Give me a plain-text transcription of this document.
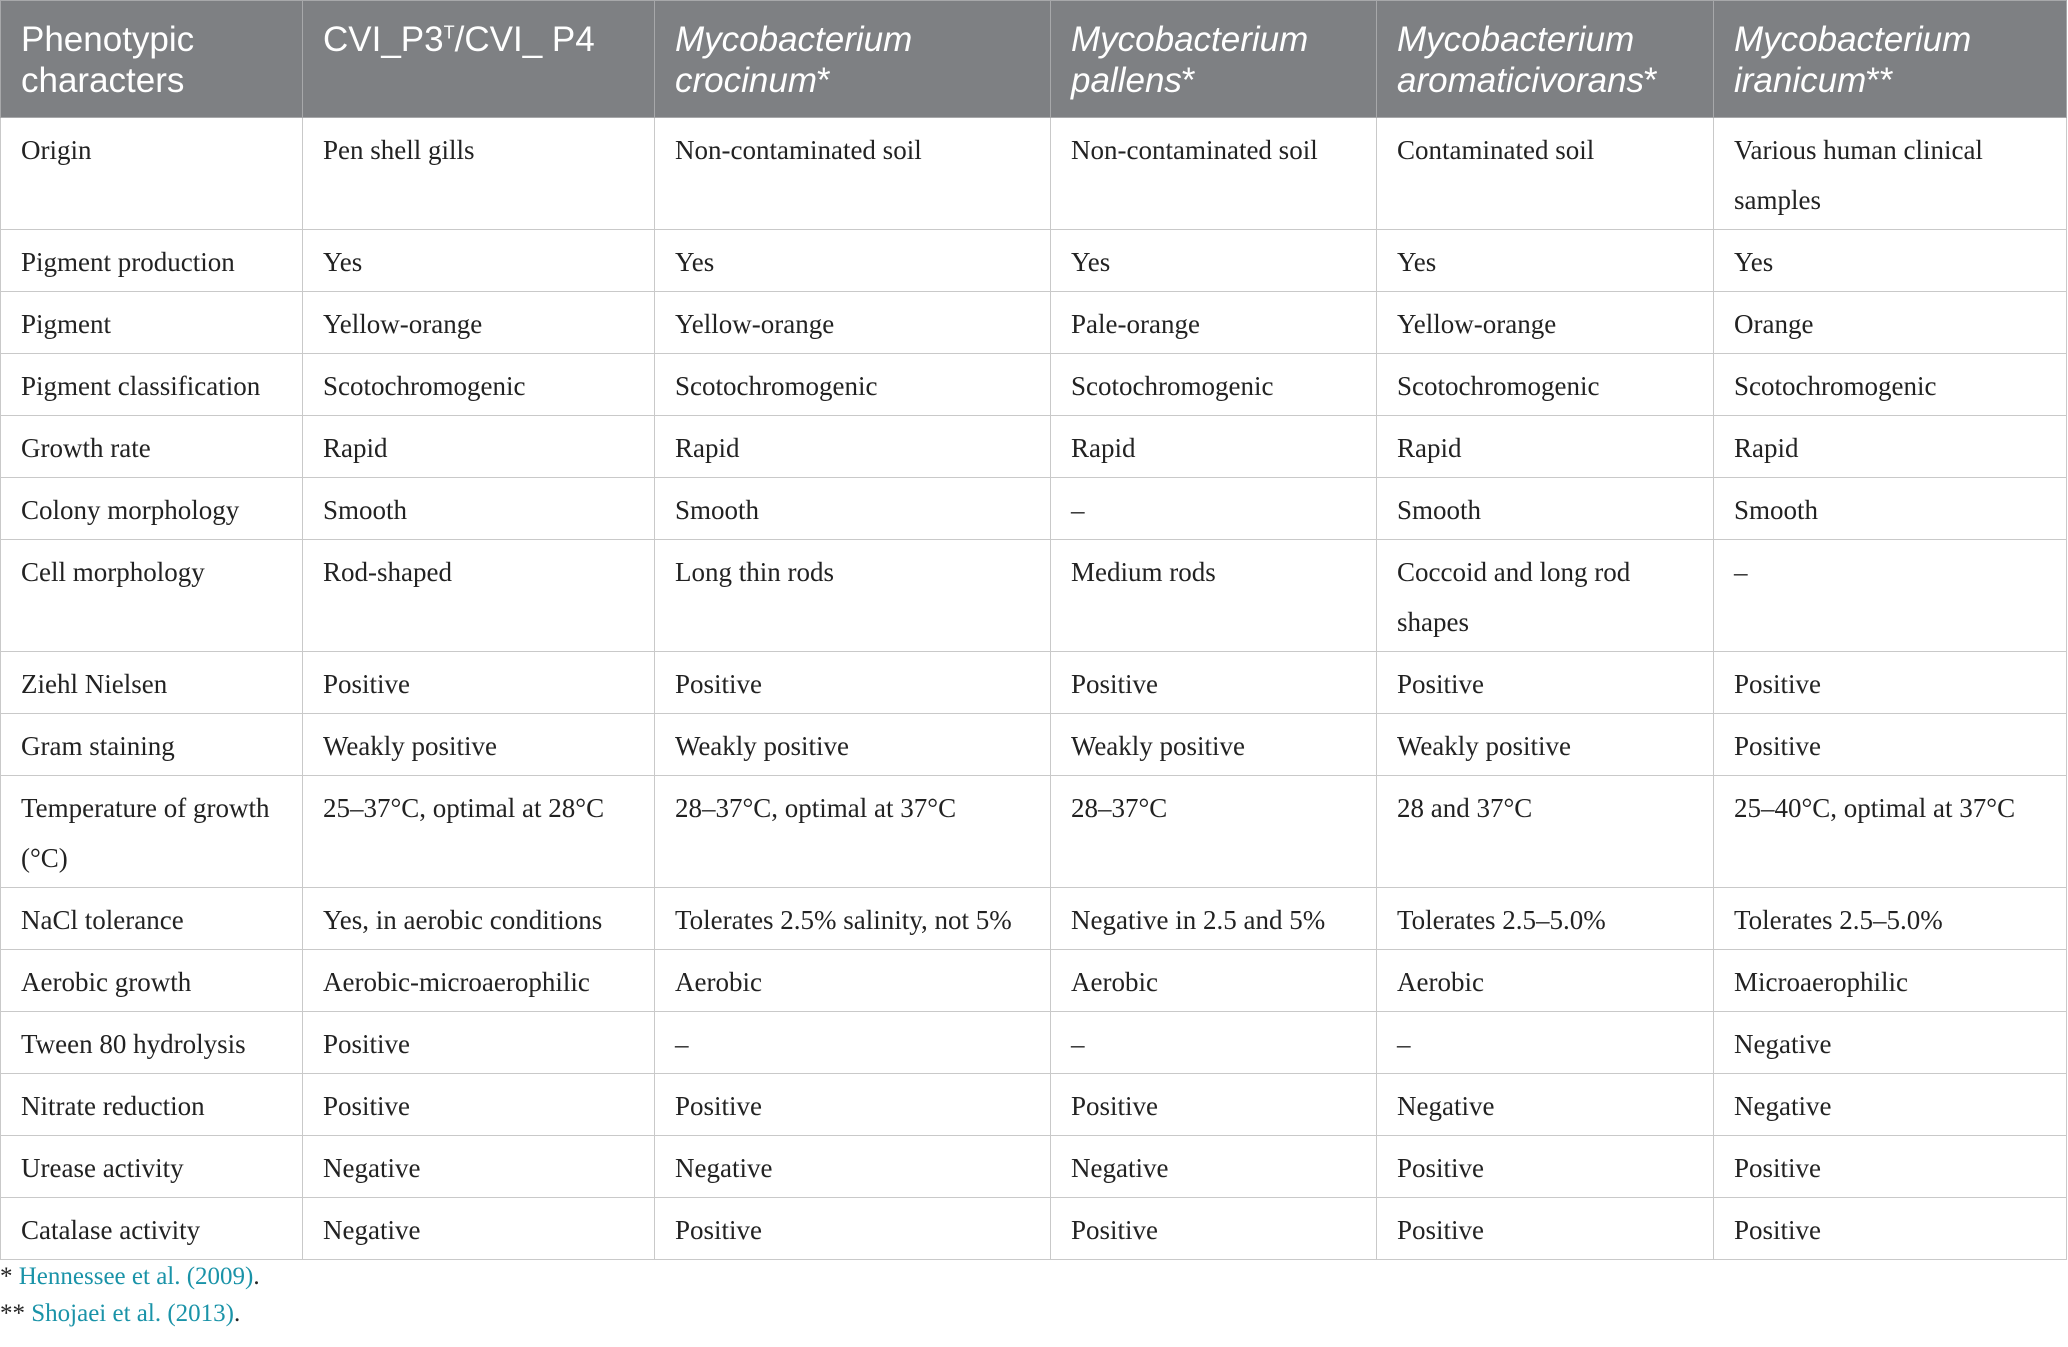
Phenotypic characters	$CVI\_P3^T/CVI\_$ P4	Mycobacterium crocinum*	Mycobacterium pallens*	Mycobacterium aromaticivorans*	Mycobacterium iranicum**
Origin	Pen shell gills	Non-contaminated soil	Non-contaminated soil	Contaminated soil	Various human clinical samples
Pigment production	Yes	Yes	Yes	Yes	Yes
Pigment	Yellow-orange	Yellow-orange	Pale-orange	Yellow-orange	Orange
Pigment classification	Scotochromogenic	Scotochromogenic	Scotochromogenic	Scotochromogenic	Scotochromogenic
Growth rate	Rapid	Rapid	Rapid	Rapid	Rapid
Colony morphology	Smooth	Smooth	–	Smooth	Smooth
Cell morphology	Rod-shaped	Long thin rods	Medium rods	Coccoid and long rod shapes	–
Ziehl Nielsen	Positive	Positive	Positive	Positive	Positive
Gram staining	Weakly positive	Weakly positive	Weakly positive	Weakly positive	Positive
Temperature of growth (°C)	25–37°C, optimal at 28°C	28–37°C, optimal at 37°C	28–37°C	28 and 37°C	25–40°C, optimal at 37°C
NaCl tolerance	Yes, in aerobic conditions	Tolerates 2.5% salinity, not 5%	Negative in 2.5 and 5%	Tolerates 2.5–5.0%	Tolerates 2.5–5.0%
Aerobic growth	Aerobic-microaerophilic	Aerobic	Aerobic	Aerobic	Microaerophilic
Tween 80 hydrolysis	Positive	–	–	–	Negative
Nitrate reduction	Positive	Positive	Positive	Negative	Negative
Urease activity	Negative	Negative	Negative	Positive	Positive
Catalase activity	Negative	Positive	Positive	Positive	Positive
* Hennessee et al. (2009).
** Shojaei et al. (2013).
